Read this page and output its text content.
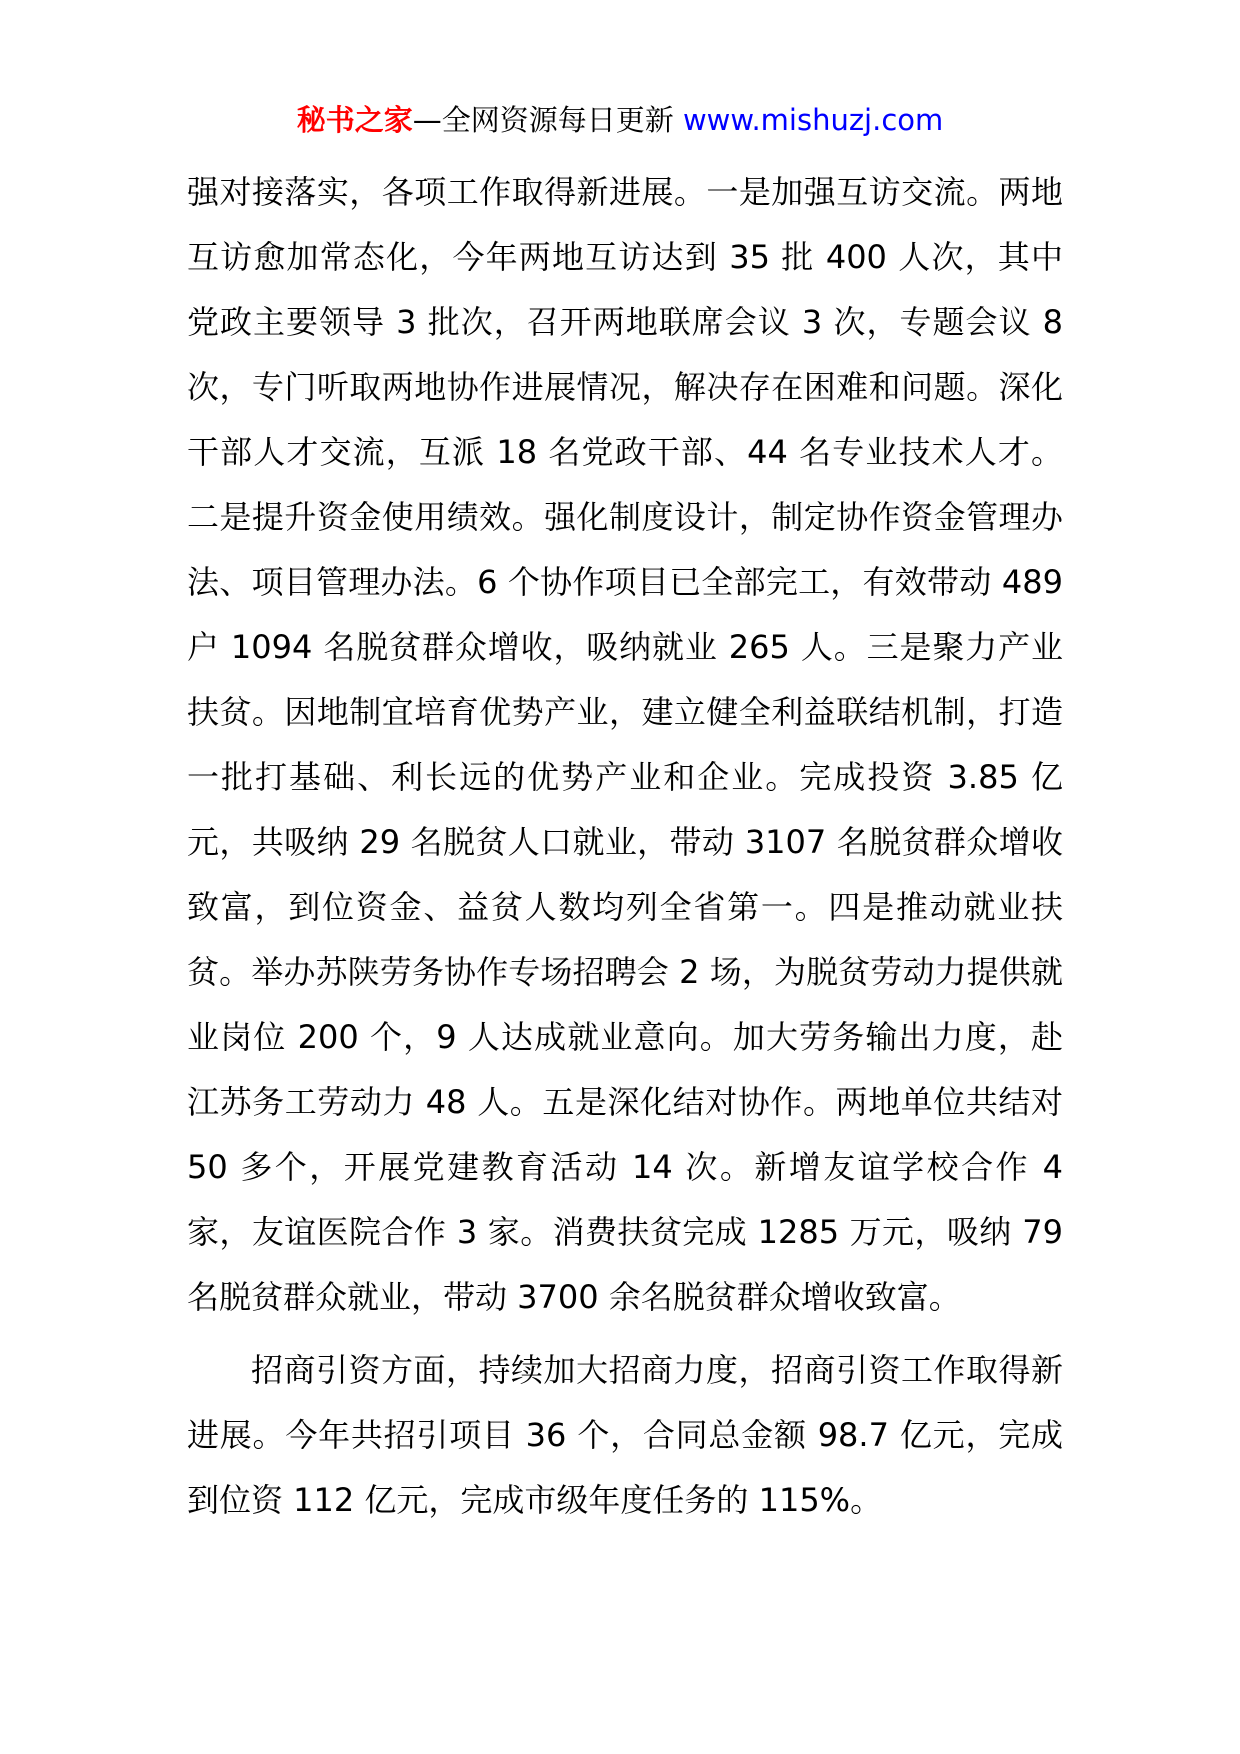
秘书之家—全网资源每日更新 www.mishuzj.com

强对接落实，各项工作取得新进展。一是加强互访交流。两地互访愈加常态化，今年两地互访达到 35 批 400 人次，其中党政主要领导 3 批次，召开两地联席会议 3 次，专题会议 8 次，专门听取两地协作进展情况，解决存在困难和问题。深化干部人才交流，互派 18 名党政干部、44 名专业技术人才。二是提升资金使用绩效。强化制度设计，制定协作资金管理办法、项目管理办法。6 个协作项目已全部完工，有效带动 489 户 1094 名脱贫群众增收，吸纳就业 265 人。三是聚力产业扶贫。因地制宜培育优势产业，建立健全利益联结机制，打造一批打基础、利长远的优势产业和企业。完成投资 3.85 亿元，共吸纳 29 名脱贫人口就业，带动 3107 名脱贫群众增收致富，到位资金、益贫人数均列全省第一。四是推动就业扶贫。举办苏陕劳务协作专场招聘会 2 场，为脱贫劳动力提供就业岗位 200 个，9 人达成就业意向。加大劳务输出力度，赴江苏务工劳动力 48 人。五是深化结对协作。两地单位共结对 50 多个，开展党建教育活动 14 次。新增友谊学校合作 4 家，友谊医院合作 3 家。消费扶贫完成 1285 万元，吸纳 79 名脱贫群众就业，带动 3700 余名脱贫群众增收致富。

招商引资方面，持续加大招商力度，招商引资工作取得新进展。今年共招引项目 36 个，合同总金额 98.7 亿元，完成到位资 112 亿元，完成市级年度任务的 115%。
